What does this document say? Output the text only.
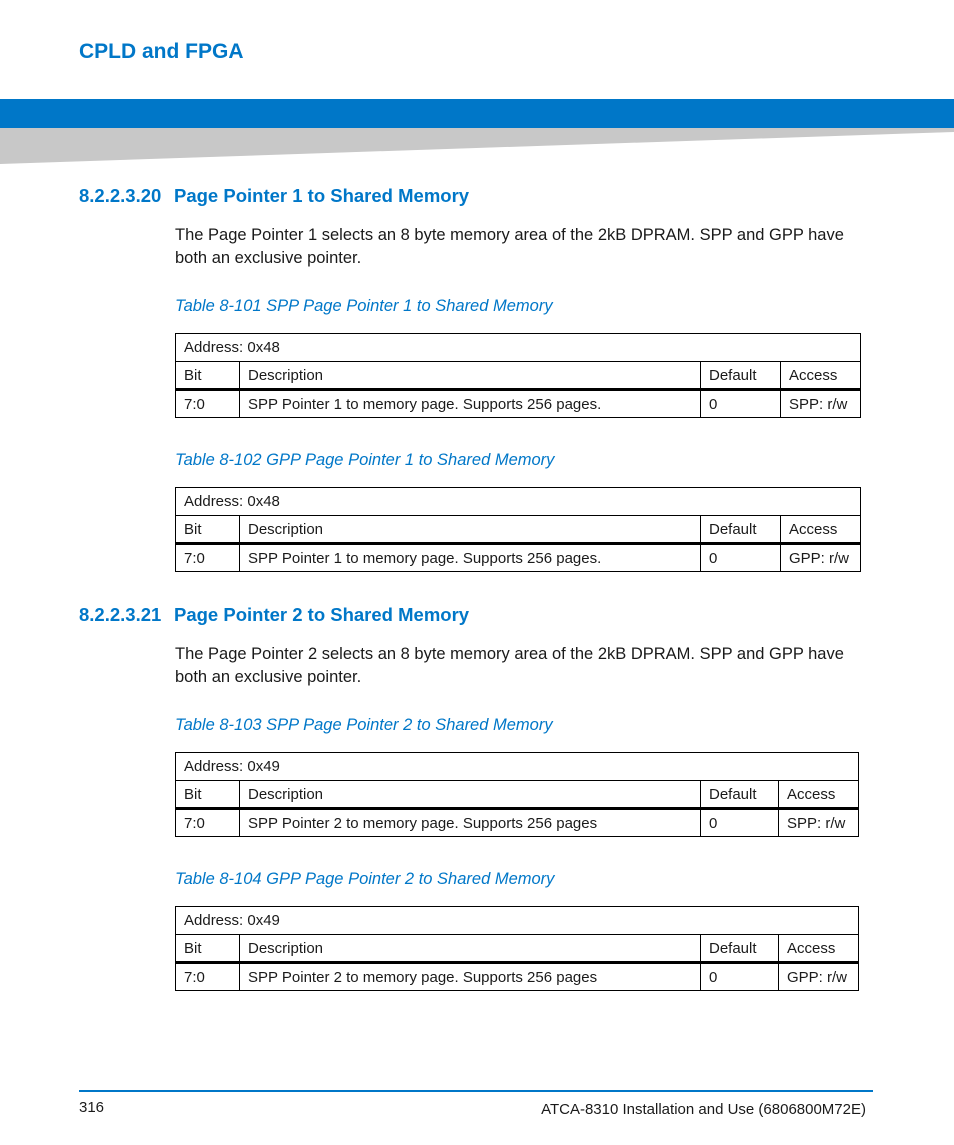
CPLD and FPGA
8.2.2.3.20 Page Pointer 1 to Shared Memory

The Page Pointer 1 selects an 8 byte memory area of the 2kB DPRAM. SPP and GPP have both an exclusive pointer.

Table 8-101 SPP Page Pointer 1 to Shared Memory

Address: 0x48			
Bit	Description	Default	Access
7:0	SPP Pointer 1 to memory page. Supports 256 pages.	0	SPP: r/w

Table 8-102 GPP Page Pointer 1 to Shared Memory

Address: 0x48			
Bit	Description	Default	Access
7:0	SPP Pointer 1 to memory page. Supports 256 pages.	0	GPP: r/w
8.2.2.3.21 Page Pointer 2 to Shared Memory

The Page Pointer 2 selects an 8 byte memory area of the 2kB DPRAM. SPP and GPP have both an exclusive pointer.

Table 8-103 SPP Page Pointer 2 to Shared Memory

Address: 0x49			
Bit	Description	Default	Access
7:0	SPP Pointer 2 to memory page. Supports 256 pages	0	SPP: r/w

Table 8-104 GPP Page Pointer 2 to Shared Memory

Address: 0x49			
Bit	Description	Default	Access
7:0	SPP Pointer 2 to memory page. Supports 256 pages	0	GPP: r/w
316	ATCA-8310 Installation and Use (6806800M72E)
